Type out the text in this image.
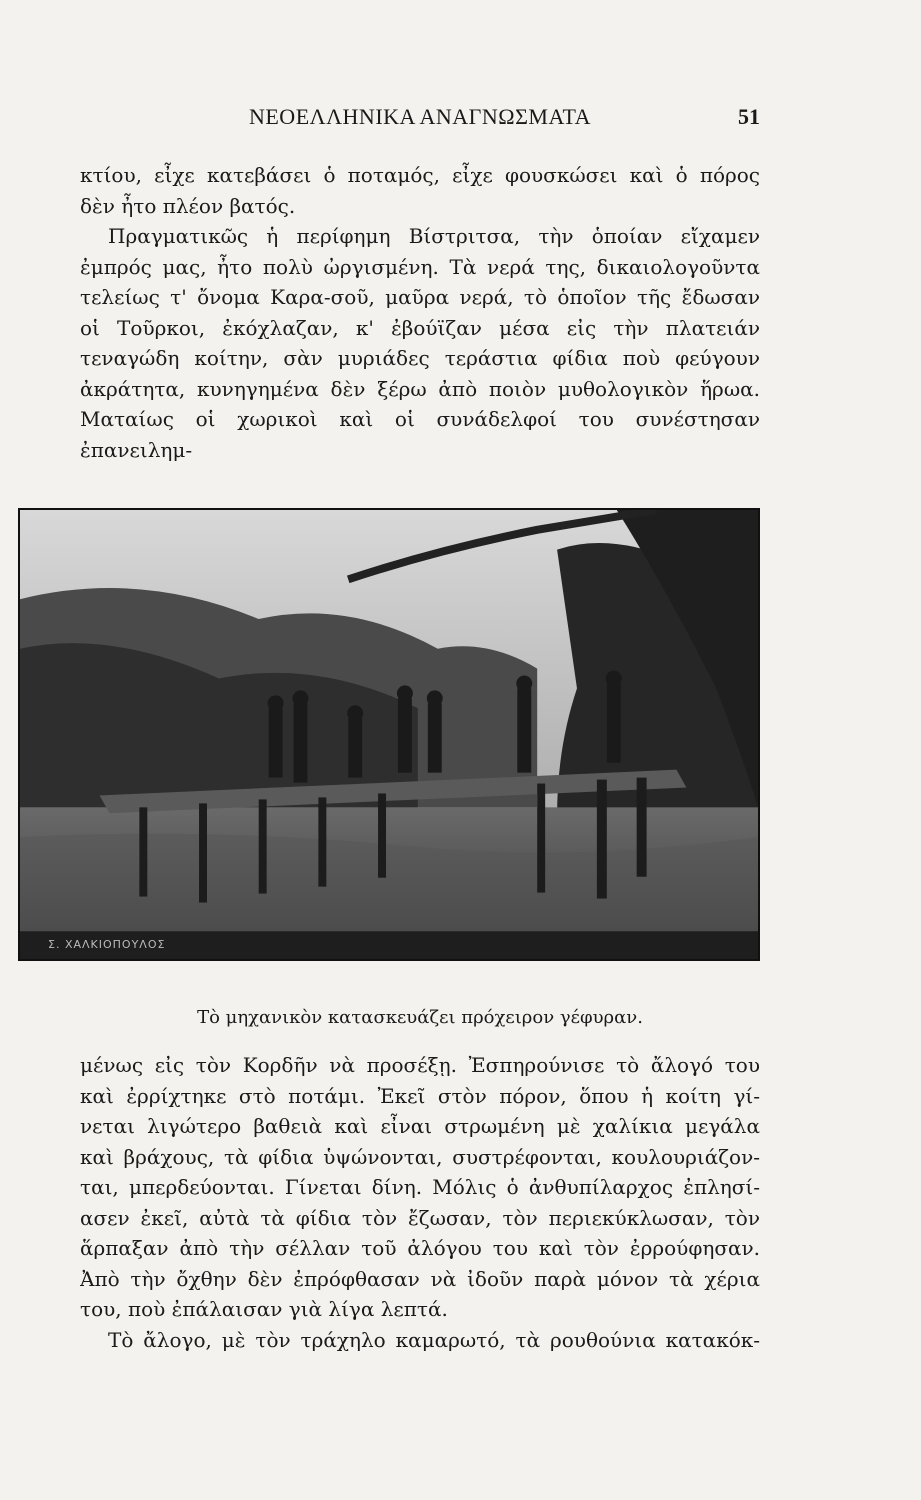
ΝΕΟΕΛΛΗΝΙΚΑ ΑΝΑΓΝΩΣΜΑΤΑ	51
κτίου, εἶχε κατεβάσει ὁ ποταμός, εἶχε φουσκώσει καὶ ὁ πόρος
δὲν ἦτο πλέον βατός.
Πραγματικῶς ἡ περίφημη Βίστριτσα, τὴν ὁποίαν εἴχαμεν
ἐμπρός μας, ἦτο πολὺ ὠργισμένη. Τὰ νερά της, δικαιολογοῦντα
τελείως τ' ὄνομα Καρα-σοῦ, μαῦρα νερά, τὸ ὁποῖον τῆς ἔδωσαν
οἱ Τοῦρκοι, ἐκόχλαζαν, κ' ἐβούϊζαν μέσα εἰς τὴν πλατειάν τεναγώδη κοίτην, σὰν μυριάδες τεράστια φίδια ποὺ φεύγουν ἀκράτητα, κυνηγημένα δὲν ξέρω ἀπὸ ποιὸν μυθολογικὸν ἥρωα. Ματαίως οἱ χωρικοὶ καὶ οἱ συνάδελφοί του συνέστησαν ἐπανειλημ-
Σ. ΧΑΛΚΙΟΠΟΥΛΟΣ
Τὸ μηχανικὸν κατασκευάζει πρόχειρον γέφυραν.
μένως εἰς τὸν Κορδῆν νὰ προσέξῃ. Ἐσπηρούνισε τὸ ἄλογό του
καὶ ἐρρίχτηκε στὸ ποτάμι. Ἐκεῖ στὸν πόρον, ὅπου ἡ κοίτη γί-
νεται λιγώτερο βαθειὰ καὶ εἶναι στρωμένη μὲ χαλίκια μεγάλα
καὶ βράχους, τὰ φίδια ὑψώνονται, συστρέφονται, κουλουριάζον-
ται, μπερδεύονται. Γίνεται δίνη. Μόλις ὁ ἀνθυπίλαρχος ἐπλησί-
ασεν ἐκεῖ, αὐτὰ τὰ φίδια τὸν ἔζωσαν, τὸν περιεκύκλωσαν, τὸν
ἅρπαξαν ἀπὸ τὴν σέλλαν τοῦ ἀλόγου του καὶ τὸν ἐρρούφησαν.
Ἀπὸ τὴν ὄχθην δὲν ἐπρόφθασαν νὰ ἰδοῦν παρὰ μόνον τὰ χέρια
του, ποὺ ἐπάλαισαν γιὰ λίγα λεπτά.
Τὸ ἄλογο, μὲ τὸν τράχηλο καμαρωτό, τὰ ρουθούνια κατακόκ-
